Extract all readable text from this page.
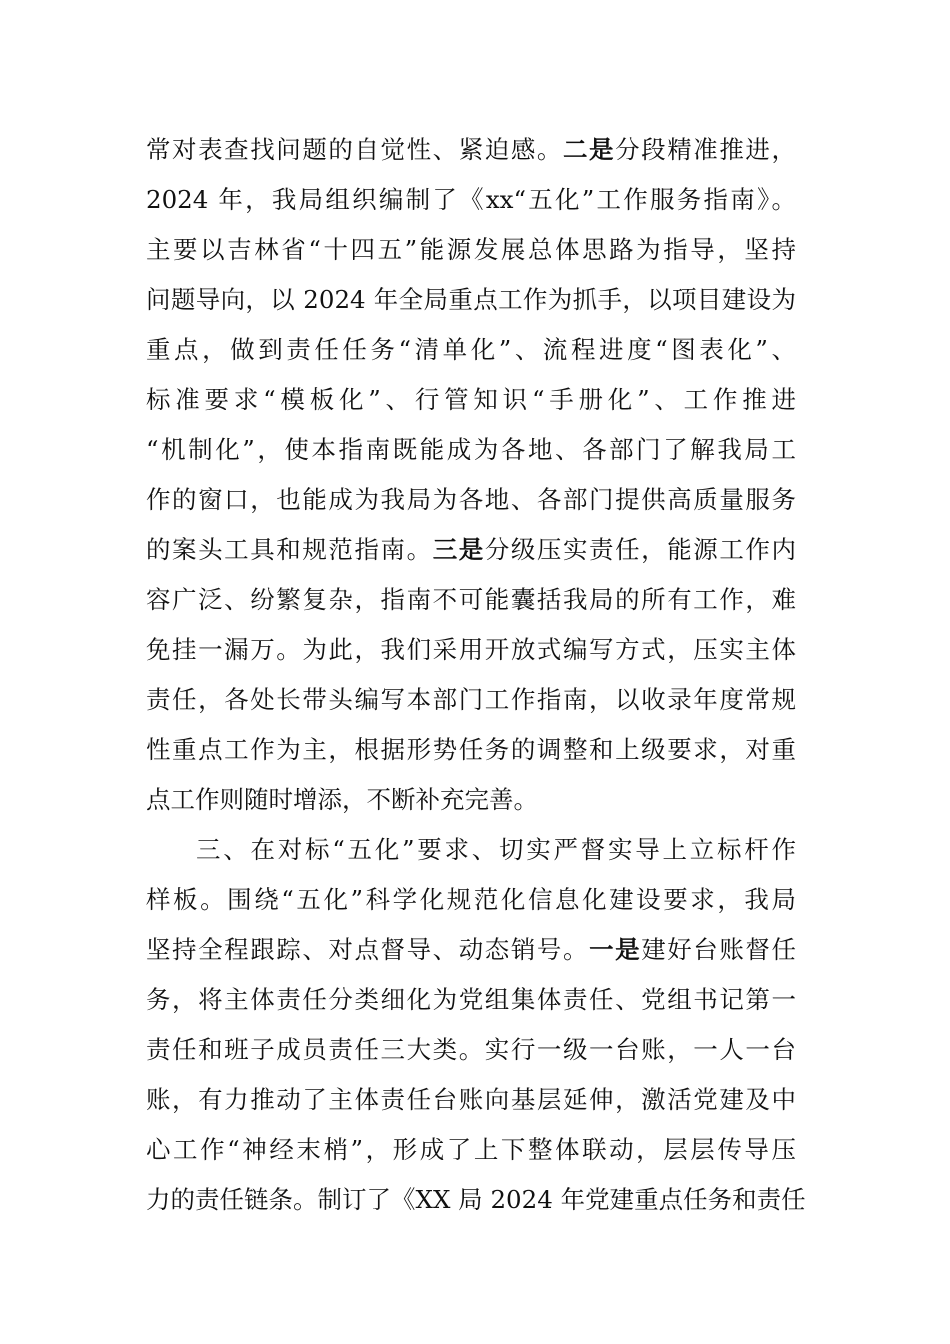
常对表查找问题的自觉性、紧迫感。二是分段精准推进，
2024 年，我局组织编制了《xx“五化”工作服务指南》。
主要以吉林省“十四五”能源发展总体思路为指导，坚持
问题导向，以 2024 年全局重点工作为抓手，以项目建设为
重点，做到责任任务“清单化”、流程进度“图表化”、
标准要求“模板化”、行管知识“手册化”、工作推进
“机制化”，使本指南既能成为各地、各部门了解我局工
作的窗口，也能成为我局为各地、各部门提供高质量服务
的案头工具和规范指南。三是分级压实责任，能源工作内
容广泛、纷繁复杂，指南不可能囊括我局的所有工作，难
免挂一漏万。为此，我们采用开放式编写方式，压实主体
责任，各处长带头编写本部门工作指南，以收录年度常规
性重点工作为主，根据形势任务的调整和上级要求，对重
点工作则随时增添，不断补充完善。
三、在对标“五化”要求、切实严督实导上立标杆作
样板。围绕“五化”科学化规范化信息化建设要求，我局
坚持全程跟踪、对点督导、动态销号。一是建好台账督任
务，将主体责任分类细化为党组集体责任、党组书记第一
责任和班子成员责任三大类。实行一级一台账，一人一台
账，有力推动了主体责任台账向基层延伸，激活党建及中
心工作“神经末梢”，形成了上下整体联动，层层传导压
力的责任链条。制订了《XX 局 2024 年党建重点任务和责任
